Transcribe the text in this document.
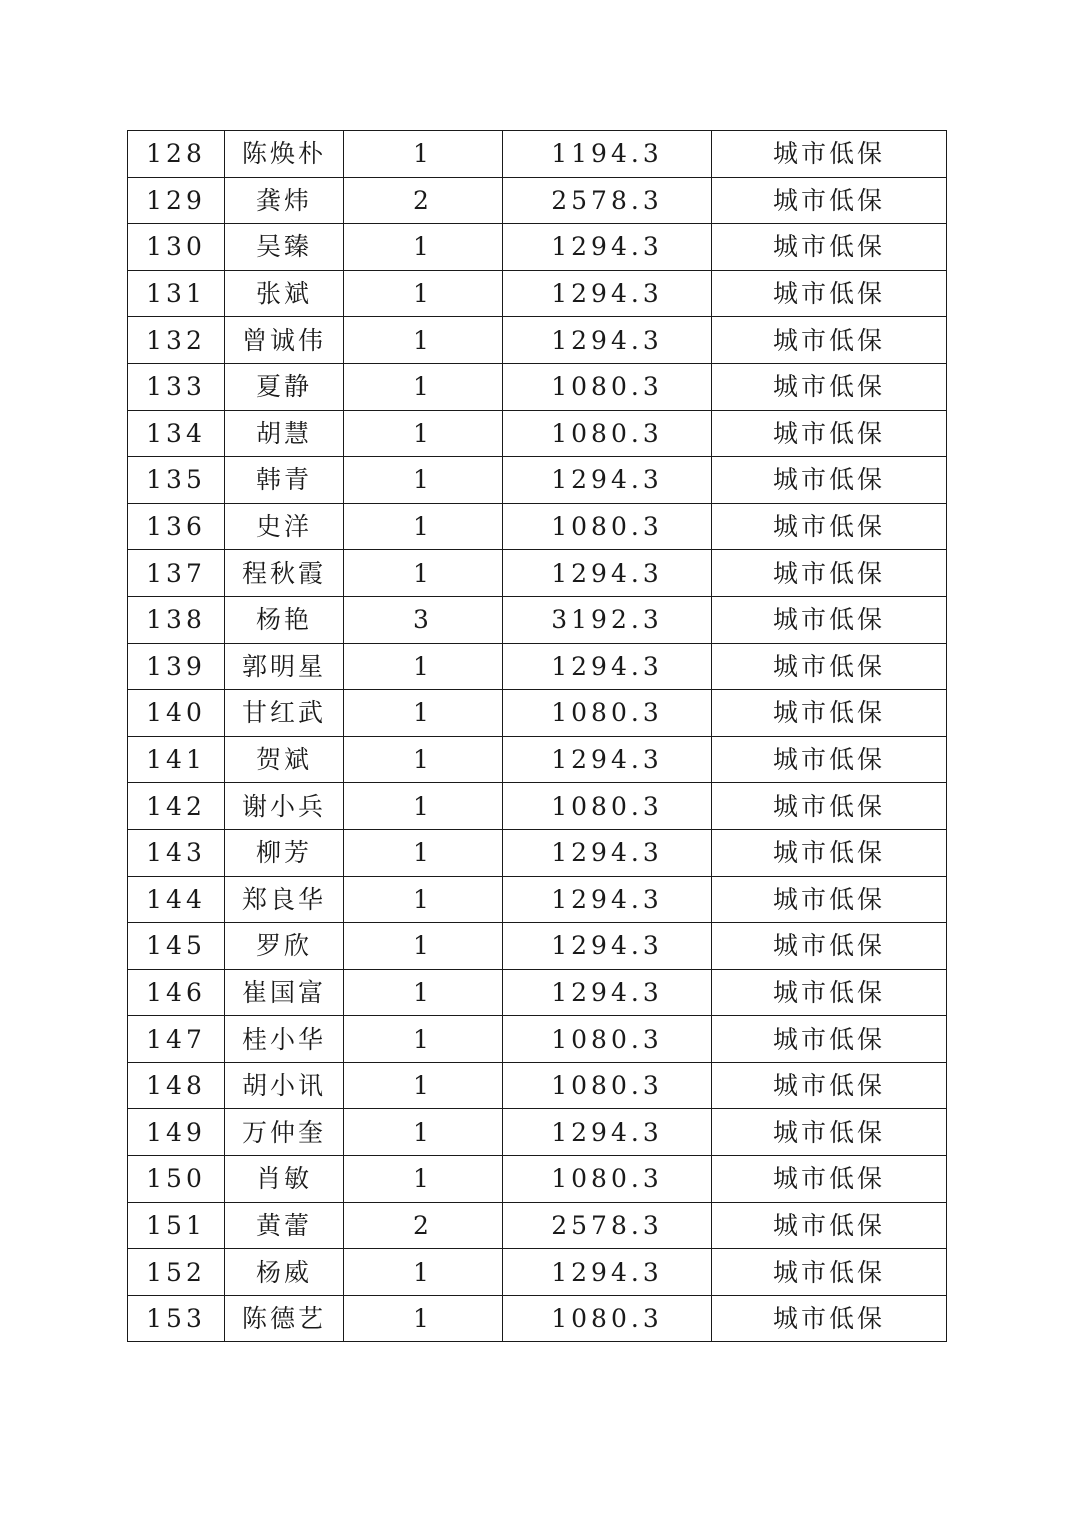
128	陈焕朴	1	1194.3	城市低保
129	龚炜	2	2578.3	城市低保
130	吴臻	1	1294.3	城市低保
131	张斌	1	1294.3	城市低保
132	曾诚伟	1	1294.3	城市低保
133	夏静	1	1080.3	城市低保
134	胡慧	1	1080.3	城市低保
135	韩青	1	1294.3	城市低保
136	史洋	1	1080.3	城市低保
137	程秋霞	1	1294.3	城市低保
138	杨艳	3	3192.3	城市低保
139	郭明星	1	1294.3	城市低保
140	甘红武	1	1080.3	城市低保
141	贺斌	1	1294.3	城市低保
142	谢小兵	1	1080.3	城市低保
143	柳芳	1	1294.3	城市低保
144	郑良华	1	1294.3	城市低保
145	罗欣	1	1294.3	城市低保
146	崔国富	1	1294.3	城市低保
147	桂小华	1	1080.3	城市低保
148	胡小讯	1	1080.3	城市低保
149	万仲奎	1	1294.3	城市低保
150	肖敏	1	1080.3	城市低保
151	黄蕾	2	2578.3	城市低保
152	杨威	1	1294.3	城市低保
153	陈德艺	1	1080.3	城市低保
